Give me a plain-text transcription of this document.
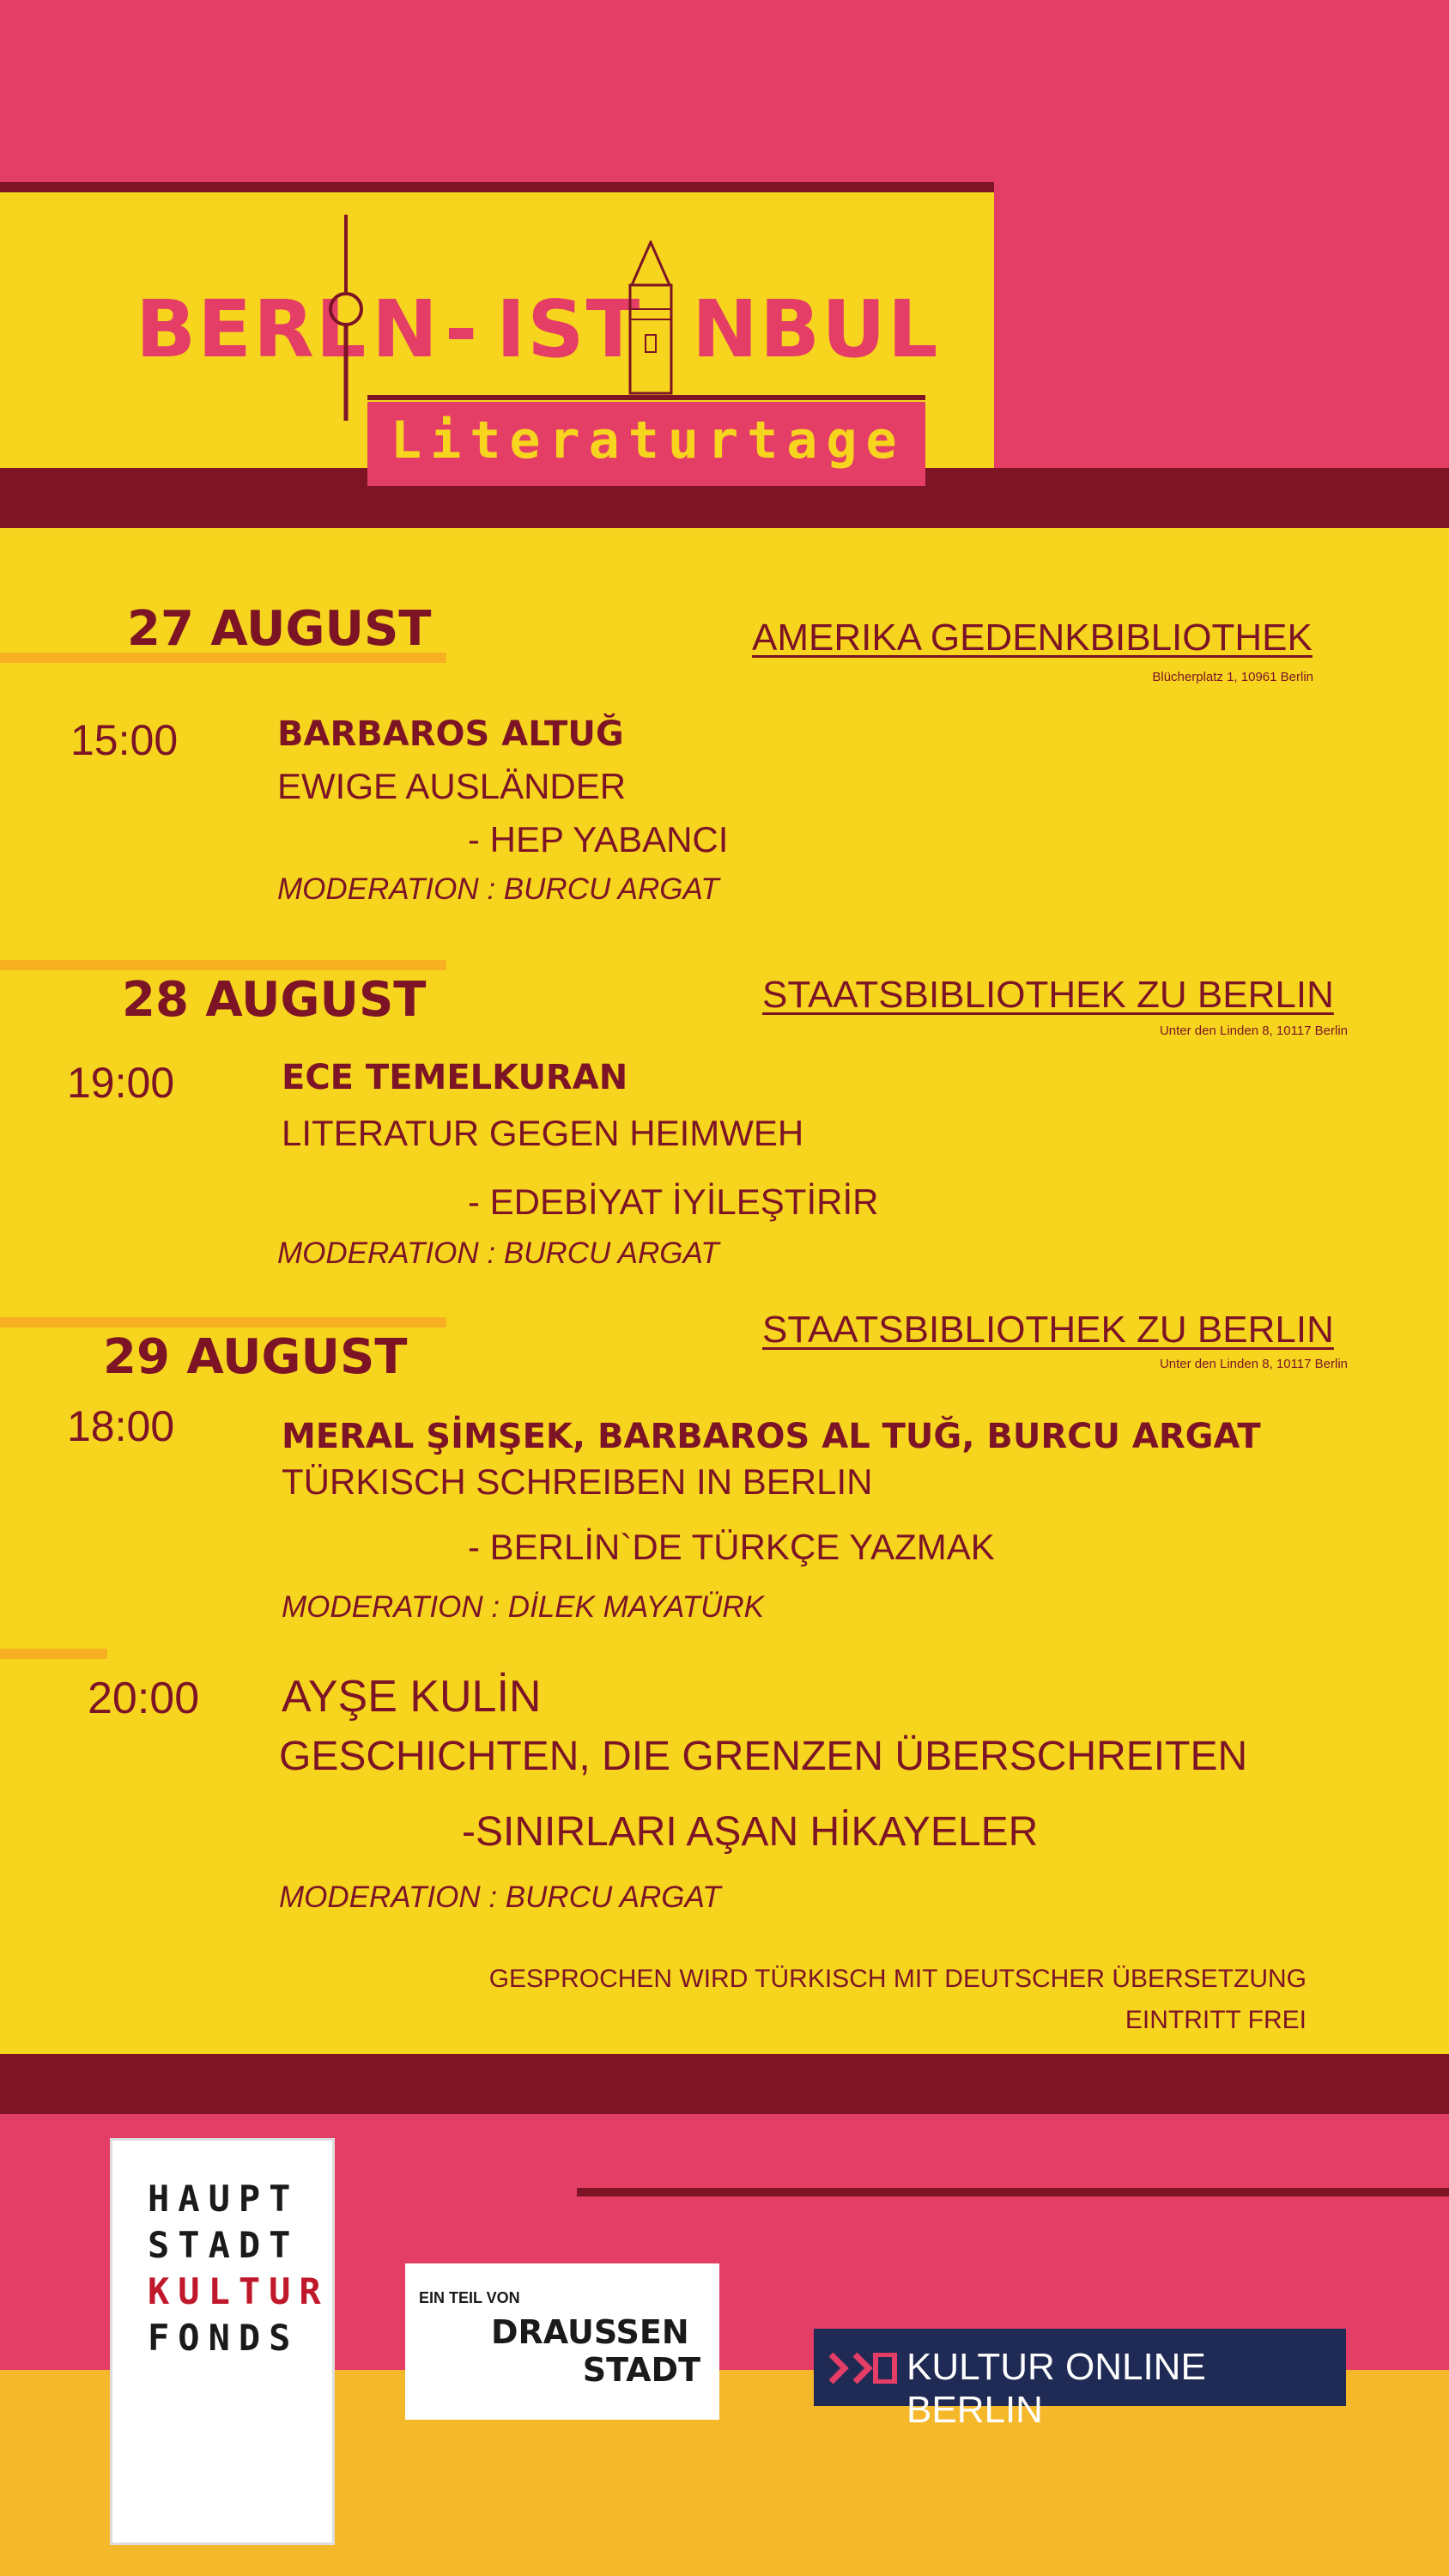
BERL N - IST NBUL
Literaturtage
27 AUGUST	AMERIKA GEDENKBIBLIOTHEK
Blücherplatz 1, 10961 Berlin
15:00	BARBAROS ALTUĞ
EWIGE AUSLÄNDER
- HEP YABANCI
MODERATION : BURCU ARGAT
28 AUGUST	STAATSBIBLIOTHEK ZU BERLIN
Unter den Linden 8, 10117 Berlin
19:00	ECE TEMELKURAN
LITERATUR GEGEN HEIMWEH
- EDEBİYAT İYİLEŞTİRİR
MODERATION : BURCU ARGAT
29 AUGUST	STAATSBIBLIOTHEK ZU BERLIN
Unter den Linden 8, 10117 Berlin
18:00	MERAL ŞİMŞEK, BARBAROS AL TUĞ, BURCU ARGAT
TÜRKISCH SCHREIBEN IN BERLIN
- BERLİN`DE TÜRKÇE YAZMAK
MODERATION : DİLEK MAYATÜRK
20:00 AYŞE KULİN
GESCHICHTEN, DIE GRENZEN ÜBERSCHREITEN
-SINIRLARI AŞAN HİKAYELER
MODERATION : BURCU ARGAT
GESPROCHEN WIRD TÜRKISCH MIT DEUTSCHER ÜBERSETZUNG
EINTRITT FREI
HAUPT
STADT
KULTUR
FONDS
EIN TEIL VON
DRAUSSEN
STADT	KULTUR ONLINE BERLIN
